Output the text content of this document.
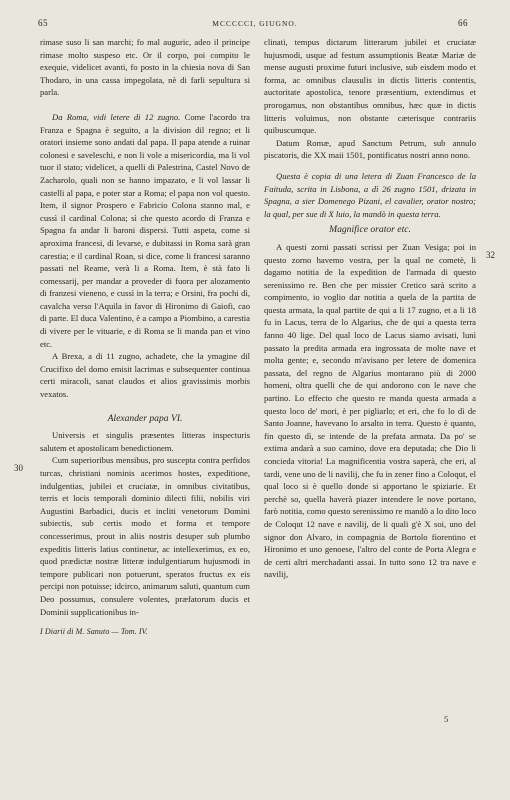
65	MCCCCCI, GIUGNO.	66
30
32

rimase suso li san marchi; fo mal auguric, adeo il principe rimase molto suspeso etc. Or il corpo, poi compito le exequie, videlicet avanti, fo posto in la chiesia nova di San Thodaro, in una cassa impegolata, nè di farli sepultura si parla.

Da Roma, vidi letere di 12 zugno. Come l'acordo tra Franza e Spagna è seguito, a la division dil regno; et li oratori insieme sono andati dal papa. Il papa atende a ruinar colonesi e saveleschi, e non li vole a misericordia, ma li vol tuor il stato; videlicet, a quelli di Palestrina, Castel Novo de Zacharolo, quali non se hanno impazato, e li vol lassar li castelli al papa, e poter star a Roma; el papa non vol questo. Item, il signor Prospero e Fabricio Colona stanno mal, e cussì il cardinal Colona; sì che questo acordo di Franza e Spagna fa andar li baroni dispersi. Tutti aspeta, come si aproxima francesi, di levarse, e dubitassi in Roma sarà gran carestia; e il cardinal Roan, si dice, come li francesi saranno passati nel Reame, verà li a Roma. Item, è stà fato li comessarij, per mandar a proveder di fuora per alozamento di franzesi vieneno, e cussì in la terra; e Orsini, fra pochi dì, cavalcha verso l'Aquila in favor di Hironimo di Gaiofi, cao di parte. El duca Valentino, è a campo a Piombino, a carestia di vivere per le vituarie, e di Roma se li manda pan et vino etc.

A Brexa, a di 11 zugno, achadete, che la ymagine dil Crucifixo del domo emisit lacrimas e subsequenter continua certi miracoli, sanat claudos et alios gravissimis morbis vexatos.

Alexander papa VI.

Universis et singulis præsentes litteras inspecturis salutem et apostolicam benedictionem.

Cum superioribus mensibus, pro suscepta contra perfidos turcas, christiani nominis acerimos hostes, expeditione, indulgentias, jubilei et cruciatæ, in omnibus civitatibus, terris et locis temporali dominio dilecti filii, nobilis viri Augustini Barbadici, ducis et incliti venetorum Domini subiectis, sub certis modo et forma et tempore concesserimus, prout in aliis nostris desuper sub plumbo expeditis litteris latius continetur, ac intellexerimus, ex eo, quod prædictæ nostræ litteræ indulgentiarum hujusmodi in tempore publicari non potuerunt, speratos fructus ex eis percipi non potuisse; idcirco, animarum saluti, quantum cum Deo possumus, consulere volentes, præfatorum ducis et Dominii supplicationibus in-

I Diarii di M. Sanuto — Tom. IV.

clinati, tempus dictarum litterarum jubilei et cruciatæ hujusmodi, usque ad festum assumptionis Beatæ Mariæ de mense augusti proxime futuri inclusive, sub eisdem modo et forma, ac omnibus clausulis in dictis litteris contentis, auctoritate apostolica, tenore præsentium, extendimus et prorogamus, non obstantibus omnibus, hæc quæ in dictis litteris voluimus, non obstante cæterisque contrariis quibuscumque.

Datum Romæ, apud Sanctum Petrum, sub annulo piscatoris, die XX maii 1501, pontificatus nostri anno nono.

Questa è copia di una letera di Zuan Francesco de la Faituda, scrita in Lisbona, a dì 26 zugno 1501, drizata in Spagna, a sier Domenego Pizani, el cavalier, orator nostro; la qual, per sue di X luio, la mandò in questa terra.

Magnifice orator etc.

A questi zorni passati scrissi per Zuan Vesiga; poi in questo zorno havemo vostra, per la qual ne cometè, li dagamo notitia de la expedition de l'armada di questo serenissimo re. Ben che per missier Cretico sarà scrito a compimento, io voglio dar notitia a quela de la partita de questa armata, la qual partite de qui a li 17 zugno, et a li 18 fu in Lacus, terra de lo Algarius, che de qui a questa terra fanno 40 lige. Del qual loco de Lacus siamo avisati, lunì passato la predita armada era ingrossata de molte nave et molta gente; e, secondo m'avisano per letere de domenica passata, del regno de Algarius montarano più di 2000 homeni, oltra quelli che de qui andorono con le nave che partino. Lo effecto che questo re manda questa armada a questo loco de' mori, è per pigliarlo; et eri, che fo lo dì de Santo Joanne, havevano lo arsalto in terra. Questo è quanto, fin questo dì, se intende de la prefata armata. Da po' se extima andarà a suo camino, dove era deputada; che Dio li concieda vitoria! La magnificentia vostra saperà, che eri, al tardi, vene uno de li navilij, che fu in zener fino a Coloqut, el qual loco si è quello donde si apportano le spiziarie. Et perchè so, quella haverà piazer intendere le nove portano, farò notitia, como questo serenissimo re mandò a lo dito loco de Coloqut 12 nave e navilij, de li quali g'è X soi, uno del signor don Alvaro, in compagnia de Bortolo fiorentino et Hironimo et uno genoese, l'altro del conte de Porta Alegra e de certi altri merchadanti assai. In tutto sono 12 tra nave e navilij,

5
